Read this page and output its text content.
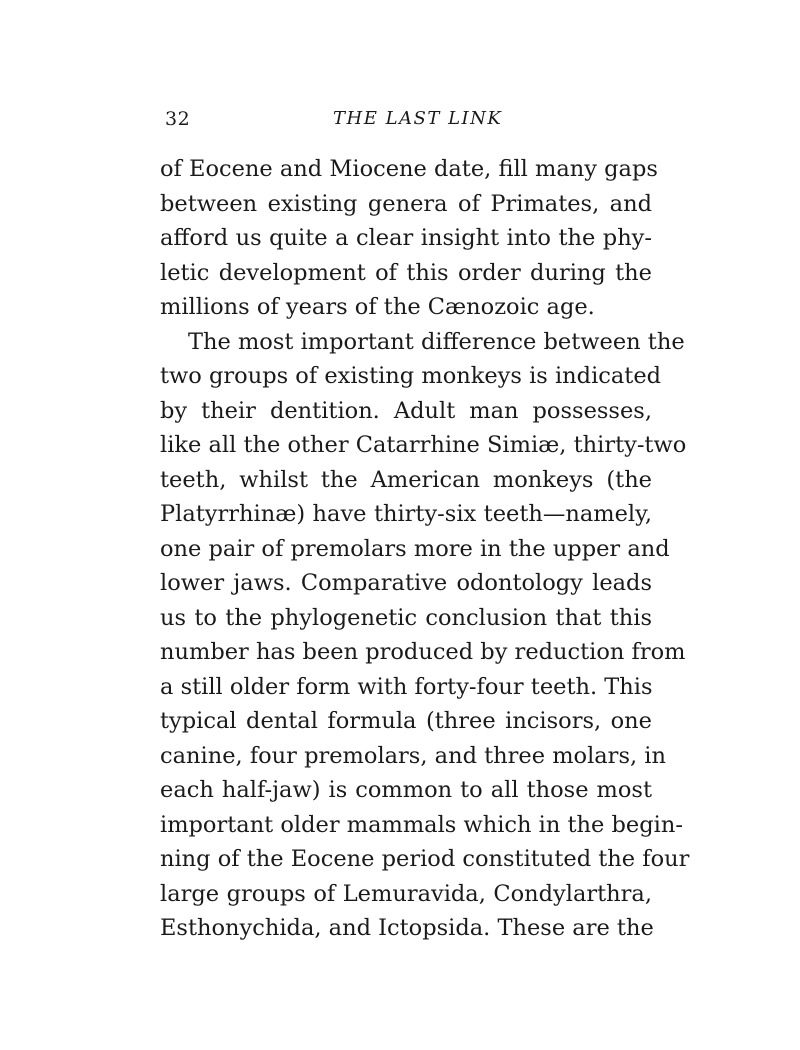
32	THE LAST LINK
of Eocene and Miocene date, fill many gaps
between existing genera of Primates, and
afford us quite a clear insight into the phy-
letic development of this order during the
millions of years of the Cænozoic age.
The most important difference between the
two groups of existing monkeys is indicated
by their dentition. Adult man possesses,
like all the other Catarrhine Simiæ, thirty-two
teeth, whilst the American monkeys (the
Platyrrhinæ) have thirty-six teeth—namely,
one pair of premolars more in the upper and
lower jaws. Comparative odontology leads
us to the phylogenetic conclusion that this
number has been produced by reduction from
a still older form with forty-four teeth. This
typical dental formula (three incisors, one
canine, four premolars, and three molars, in
each half-jaw) is common to all those most
important older mammals which in the begin-
ning of the Eocene period constituted the four
large groups of Lemuravida, Condylarthra,
Esthonychida, and Ictopsida. These are the
